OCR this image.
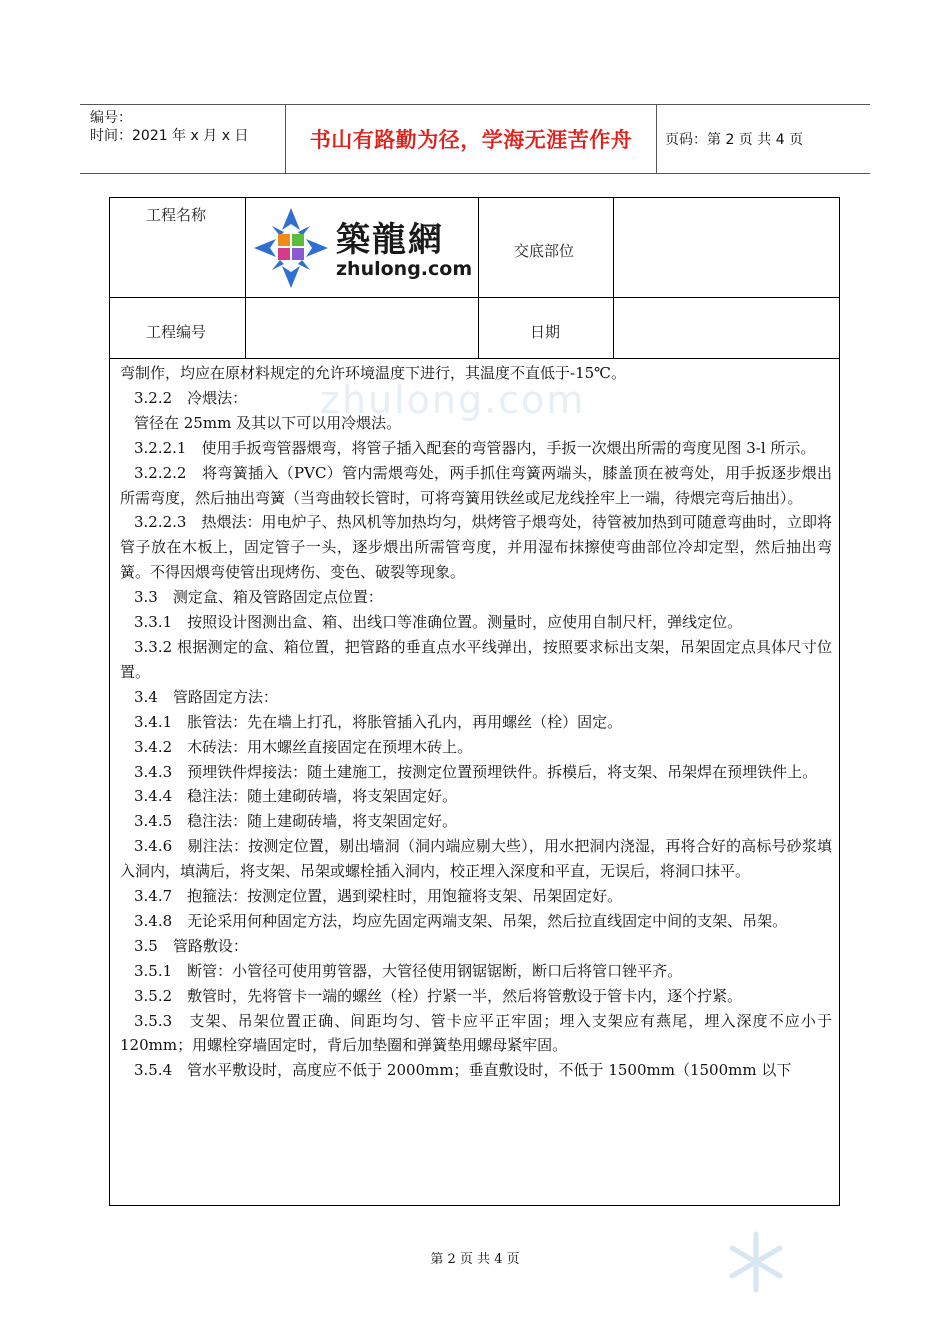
编号：
时间：2021 年 x 月 x 日	书山有路勤为径，学海无涯苦作舟 页码：第 2 页 共 4 页
zhulong.com
工程名称
交底部位
工程编号	日期
築龍網
zhulong.com

弯制作，均应在原材料规定的允许环境温度下进行，其温度不直低于-15℃。

3.2.2　冷煨法：

管径在 25mm 及其以下可以用冷煨法。

3.2.2.1　使用手扳弯管器煨弯，将管子插入配套的弯管器内，手扳一次煨出所需的弯度见图 3-l 所示。

3.2.2.2　将弯簧插入（PVC）管内需煨弯处，两手抓住弯簧两端头，膝盖顶在被弯处，用手扳逐步煨出所需弯度，然后抽出弯簧（当弯曲较长管时，可将弯簧用铁丝或尼龙线拴牢上一端，待煨完弯后抽出）。

3.2.2.3　热煨法：用电炉子、热风机等加热均匀，烘烤管子煨弯处，待管被加热到可随意弯曲时，立即将管子放在木板上，固定管子一头，逐步煨出所需管弯度，并用湿布抹擦使弯曲部位冷却定型，然后抽出弯簧。不得因煨弯使管出现烤伤、变色、破裂等现象。

3.3　测定盒、箱及管路固定点位置：

3.3.1　按照设计图测出盒、箱、出线口等准确位置。测量时，应使用自制尺杆，弹线定位。

3.3.2 根据测定的盒、箱位置，把管路的垂直点水平线弹出，按照要求标出支架，吊架固定点具体尺寸位置。

3.4　管路固定方法：

3.4.1　胀管法：先在墙上打孔，将胀管插入孔内，再用螺丝（栓）固定。

3.4.2　木砖法：用木螺丝直接固定在预埋木砖上。

3.4.3　预埋铁件焊接法：随土建施工，按测定位置预埋铁件。拆模后，将支架、吊架焊在预埋铁件上。

3.4.4　稳注法：随土建砌砖墙，将支架固定好。

3.4.5　稳注法：随上建砌砖墙，将支架固定好。

3.4.6　剔注法：按测定位置，剔出墙洞（洞内端应剔大些），用水把洞内浇湿，再将合好的高标号砂浆填入洞内，填满后，将支架、吊架或螺栓插入洞内，校正埋入深度和平直，无误后，将洞口抹平。

3.4.7　抱箍法：按测定位置，遇到梁柱时，用饱箍将支架、吊架固定好。

3.4.8　无论采用何种固定方法，均应先固定两端支架、吊架，然后拉直线固定中间的支架、吊架。

3.5　管路敷设：

3.5.1　断管：小管径可使用剪管器，大管径使用钢锯锯断，断口后将管口锉平齐。

3.5.2　敷管时，先将管卡一端的螺丝（栓）拧紧一半，然后将管敷设于管卡内，逐个拧紧。

3.5.3　支架、吊架位置正确、间距均匀、管卡应平正牢固；埋入支架应有燕尾，埋入深度不应小于 120mm；用螺栓穿墙固定时，背后加垫圈和弹簧垫用螺母紧牢固。

3.5.4　管水平敷设时，高度应不低于 2000mm；垂直敷设时，不低于 1500mm（1500mm 以下

第 2 页 共 4 页
